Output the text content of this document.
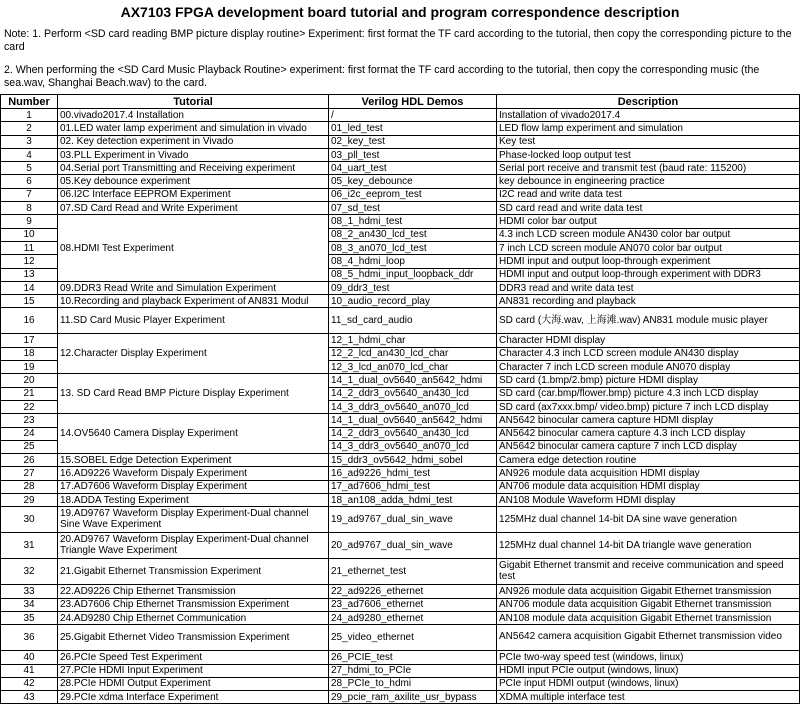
AX7103 FPGA development board tutorial and program correspondence description
Note: 1. Perform <SD card reading BMP picture display routine> Experiment: first format the TF card according to the tutorial, then copy the corresponding picture to the card
2. When performing the <SD Card Music Playback Routine> experiment: first format the TF card according to the tutorial, then copy the corresponding music (the sea.wav, Shanghai Beach.wav) to the card.
Number	Tutorial	Verilog HDL Demos	Description
1	00.vivado2017.4 Installation	/	Installation of vivado2017.4
2	01.LED water lamp experiment and simulation in vivado	01_led_test	LED flow lamp experiment and simulation
3	02. Key detection experiment in Vivado	02_key_test	Key test
4	03.PLL Experiment in Vivado	03_pll_test	Phase-locked loop output test
5	04.Serial port Transmitting and Receiving experiment	04_uart_test	Serial port receive and transmit test (baud rate: 115200)
6	05.Key debounce experiment	05_key_debounce	key debounce in engineering practice
7	06.I2C Interface EEPROM Experiment	06_i2c_eeprom_test	I2C read and write data test
8	07.SD Card Read and Write Experiment	07_sd_test	SD card read and write data test
9	08.HDMI Test Experiment	08_1_hdmi_test	HDMI color bar output
10		08_2_an430_lcd_test	4.3 inch LCD screen module AN430 color bar output
11		08_3_an070_lcd_test	7 inch LCD screen module AN070 color bar output
12		08_4_hdmi_loop	HDMI input and output loop-through experiment
13		08_5_hdmi_input_loopback_ddr	HDMI input and output loop-through experiment with DDR3
14	09.DDR3 Read Write and Simulation Experiment	09_ddr3_test	DDR3 read and write data test
15	10.Recording and playback Experiment of AN831 Modul	10_audio_record_play	AN831 recording and playback
16	11.SD Card Music Player Experiment	11_sd_card_audio	SD card (大海.wav, 上海滩.wav) AN831 module music player
17	12.Character Display Experiment	12_1_hdmi_char	Character HDMI display
18		12_2_lcd_an430_lcd_char	Character 4.3 inch LCD screen module AN430 display
19		12_3_lcd_an070_lcd_char	Character 7 inch LCD screen module AN070 display
20	13. SD Card Read BMP Picture Display Experiment	14_1_dual_ov5640_an5642_hdmi	SD card (1.bmp/2.bmp) picture HDMI display
21		14_2_ddr3_ov5640_an430_lcd	SD card (car.bmp/flower.bmp) picture 4.3 inch LCD display
22		14_3_ddr3_ov5640_an070_lcd	SD card (ax7xxx.bmp/ video.bmp) picture 7 inch LCD display
23	14.OV5640 Camera Display Experiment	14_1_dual_ov5640_an5642_hdmi	AN5642 binocular camera capture HDMI display
24		14_2_ddr3_ov5640_an430_lcd	AN5642 binocular camera capture 4.3 inch LCD display
25		14_3_ddr3_ov5640_an070_lcd	AN5642 binocular camera capture 7 inch LCD display
26	15.SOBEL Edge Detection Experiment	15_ddr3_ov5642_hdmi_sobel	Camera edge detection routine
27	16.AD9226 Waveform Dispaly Experiment	16_ad9226_hdmi_test	AN926 module data acquisition HDMI display
28	17.AD7606 Waveform Display Experiment	17_ad7606_hdmi_test	AN706 module data acquisition HDMI display
29	18.ADDA Testing Experiment	18_an108_adda_hdmi_test	AN108 Module Waveform HDMI display
30	19.AD9767 Waveform Display Experiment-Dual channel Sine Wave Experiment	19_ad9767_dual_sin_wave	125MHz dual channel 14-bit DA sine wave generation
31	20.AD9767 Waveform Display Experiment-Dual channel Triangle Wave Experiment	20_ad9767_dual_sin_wave	125MHz dual channel 14-bit DA triangle wave generation
32	21.Gigabit Ethernet Transmission Experiment	21_ethernet_test	Gigabit Ethernet transmit and receive communication and speed test
33	22.AD9226 Chip Ethernet Transmission	22_ad9226_ethernet	AN926 module data acquisition Gigabit Ethernet transmission
34	23.AD7606 Chip Ethernet Transmission Experiment	23_ad7606_ethernet	AN706 module data acquisition Gigabit Ethernet transmission
35	24.AD9280 Chip Ethernet Communication	24_ad9280_ethernet	AN108 module data acquisition Gigabit Ethernet transmission
36	25.Gigabit Ethernet Video Transmission Experiment	25_video_ethernet	AN5642 camera acquisition Gigabit Ethernet transmission video
40	26.PCIe Speed Test Experiment	26_PCIE_test	PCIe two-way speed test (windows, linux)
41	27.PCIe HDMI Input Experiment	27_hdmi_to_PCIe	HDMI input PCIe output (windows, linux)
42	28.PCIe HDMI Output Experiment	28_PCIe_to_hdmi	PCIe input HDMI output (windows, linux)
43	29.PCIe xdma Interface Experiment	29_pcie_ram_axilite_usr_bypass	XDMA multiple interface test
